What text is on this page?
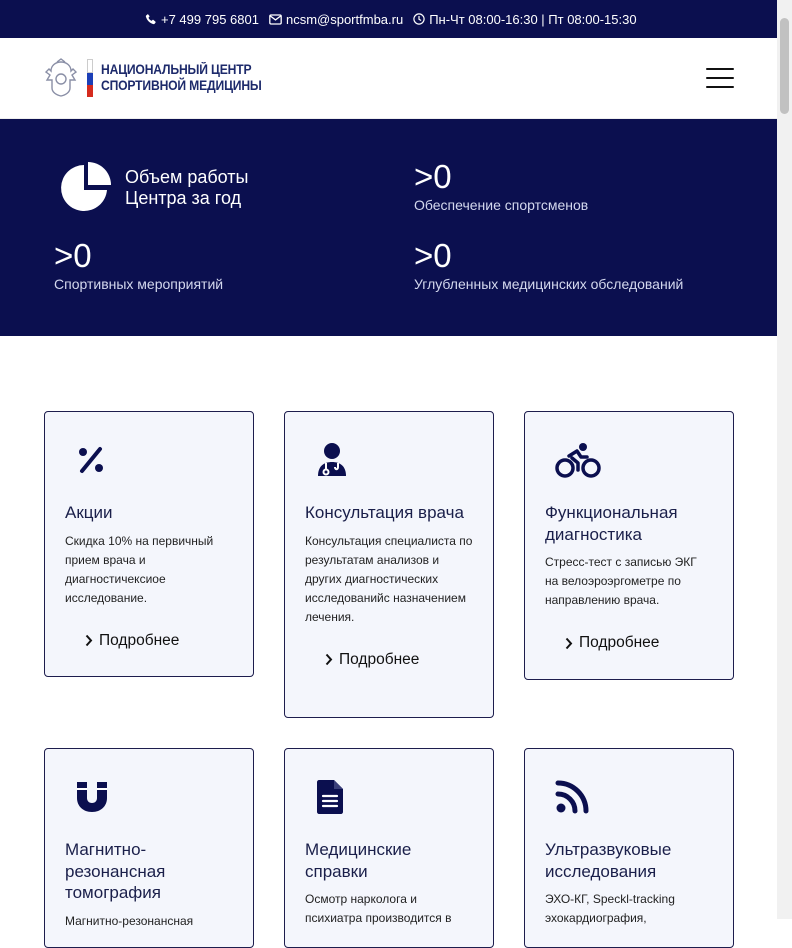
+7 499 795 6801 ncsm@sportfmba.ru Пн-Чт 08:00-16:30 | Пт 08:00-15:30
НАЦИОНАЛЬНЫЙ ЦЕНТР
СПОРТИВНОЙ МЕДИЦИНЫ
Объем работы
Центра за год
>0
Обеспечение спортсменов
>0
Спортивных мероприятий
>0
Углубленных медицинских обследований
Акции
Скидка 10% на первичный прием врача и диагностичексиое исследование.
Подробнее
Консультация врача
Консультация специалиста по результатам анализов и других диагностических исследованийс назначением лечения.
Подробнее
Функциональная диагностика
Стресс-тест с записью ЭКГ на велоэроэргометре по направлению врача.
Подробнее
Магнитно-резонансная томография
Магнитно-резонансная
Медицинские справки
Осмотр нарколога и психиатра производится в
Ультразвуковые исследования
ЭХО-КГ, Speckl-tracking эхокардиография,
